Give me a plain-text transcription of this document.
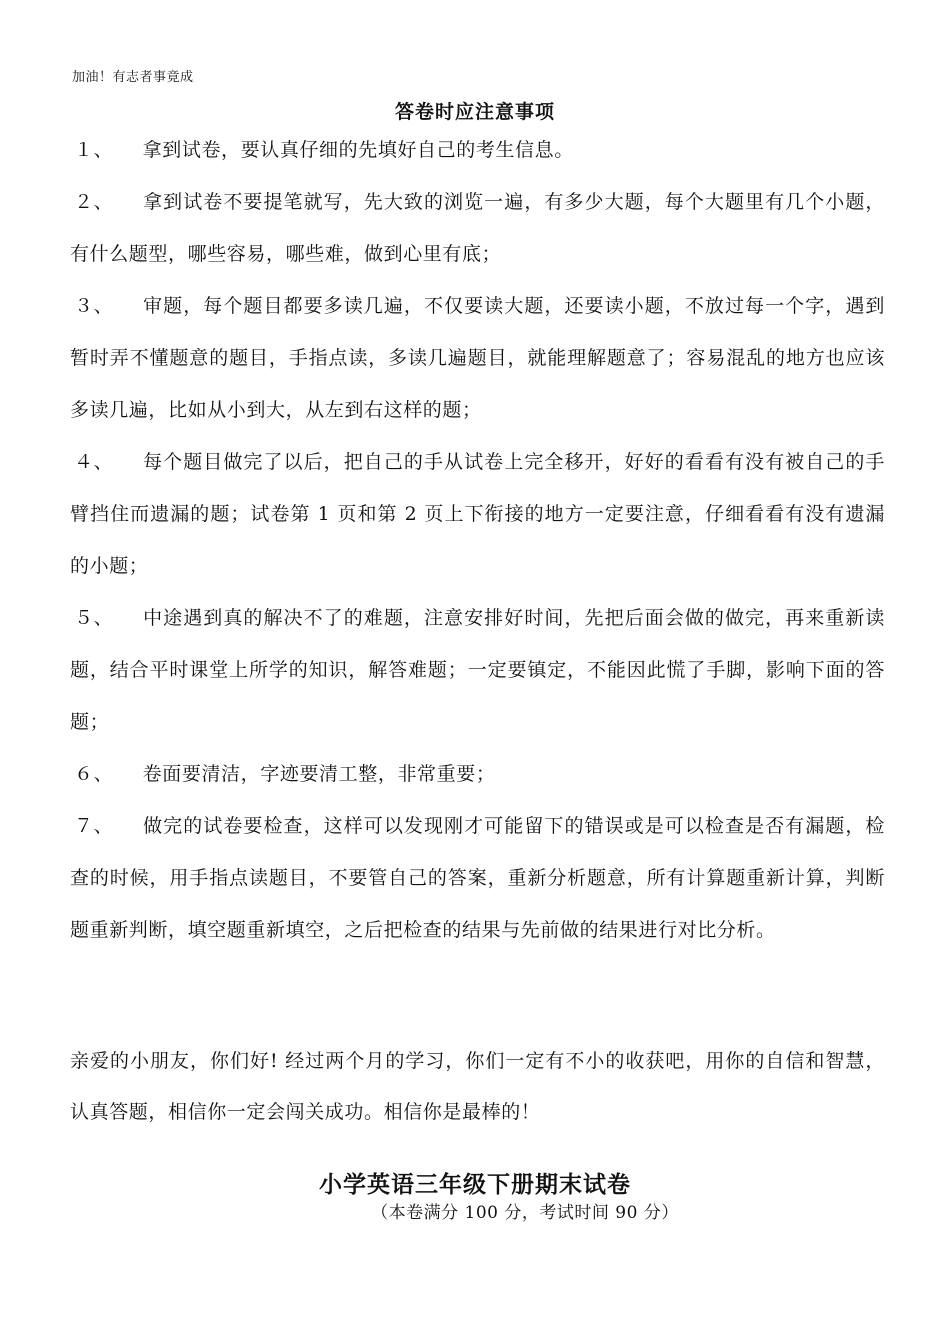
加油！有志者事竟成
答卷时应注意事项

１、 拿到试卷，要认真仔细的先填好自己的考生信息。

２、 拿到试卷不要提笔就写，先大致的浏览一遍，有多少大题，每个大题里有几个小题，有什么题型，哪些容易，哪些难，做到心里有底；

３、 审题，每个题目都要多读几遍，不仅要读大题，还要读小题，不放过每一个字，遇到暂时弄不懂题意的题目，手指点读，多读几遍题目，就能理解题意了；容易混乱的地方也应该多读几遍，比如从小到大，从左到右这样的题；

４、 每个题目做完了以后，把自己的手从试卷上完全移开，好好的看看有没有被自己的手臂挡住而遗漏的题；试卷第 1 页和第 2 页上下衔接的地方一定要注意，仔细看看有没有遗漏的小题；

５、 中途遇到真的解决不了的难题，注意安排好时间，先把后面会做的做完，再来重新读题，结合平时课堂上所学的知识，解答难题；一定要镇定，不能因此慌了手脚，影响下面的答题；

６、 卷面要清洁，字迹要清工整，非常重要；

７、 做完的试卷要检查，这样可以发现刚才可能留下的错误或是可以检查是否有漏题，检查的时候，用手指点读题目，不要管自己的答案，重新分析题意，所有计算题重新计算，判断题重新判断，填空题重新填空，之后把检查的结果与先前做的结果进行对比分析。

亲爱的小朋友，你们好! 经过两个月的学习，你们一定有不小的收获吧，用你的自信和智慧，认真答题，相信你一定会闯关成功。相信你是最棒的！

小学英语三年级下册期末试卷
（本卷满分 100 分，考试时间 90 分）
